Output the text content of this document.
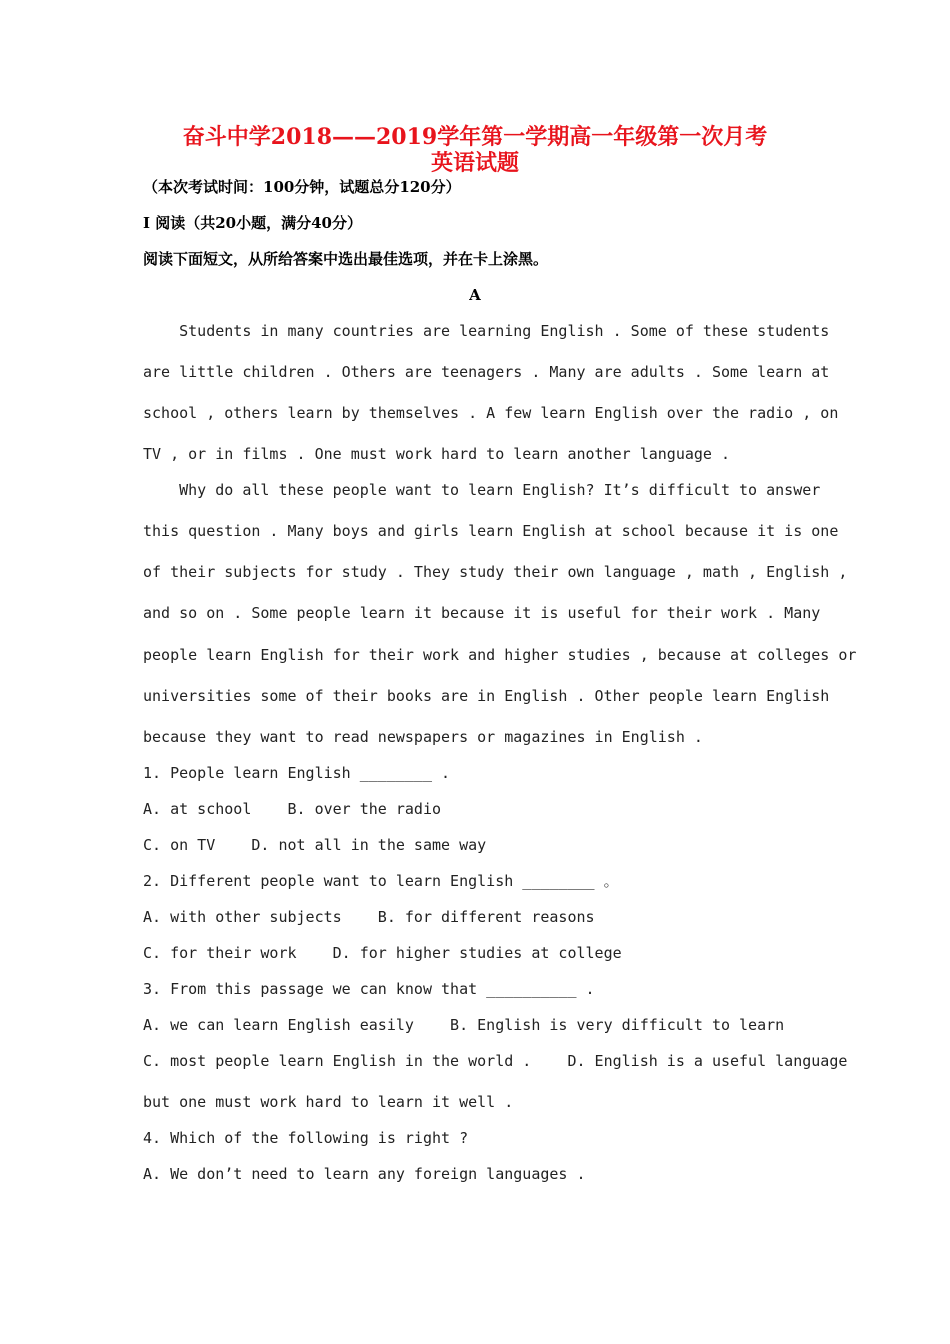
奋斗中学2018——2019学年第一学期高一年级第一次月考
英语试题
（本次考试时间：100分钟，试题总分120分）
I 阅读（共20小题，满分40分）
阅读下面短文，从所给答案中选出最佳选项，并在卡上涂黑。
A
Students in many countries are learning English . Some of these students
are little children . Others are teenagers . Many are adults . Some learn at
school , others learn by themselves . A few learn English over the radio , on
TV , or in films . One must work hard to learn another language .
Why do all these people want to learn English? It’s difficult to answer
this question . Many boys and girls learn English at school because it is one
of their subjects for study . They study their own language , math , English ,
and so on . Some people learn it because it is useful for their work . Many
people learn English for their work and higher studies , because at colleges or
universities some of their books are in English . Other people learn English
because they want to read newspapers or magazines in English .
1. People learn English ________ .
A. at school    B. over the radio
C. on TV    D. not all in the same way
2. Different people want to learn English ________ 。
A. with other subjects    B. for different reasons
C. for their work    D. for higher studies at college
3. From this passage we can know that __________ .
A. we can learn English easily    B. English is very difficult to learn
C. most people learn English in the world .    D. English is a useful language
but one must work hard to learn it well .
4. Which of the following is right ?
A. We don’t need to learn any foreign languages .
